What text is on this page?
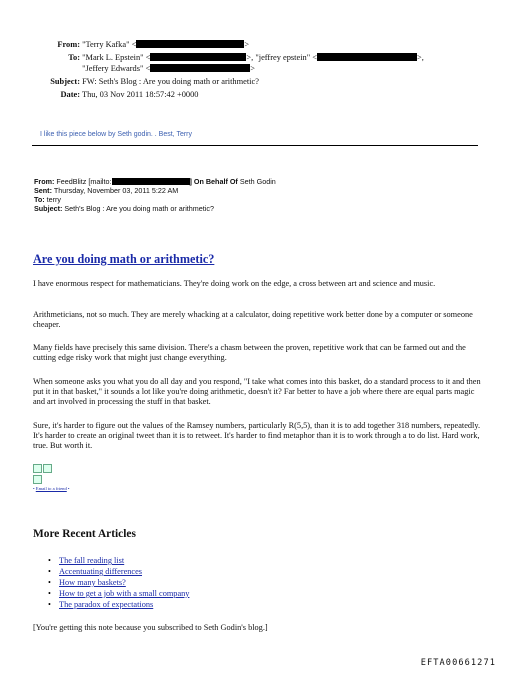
From: "Terry Kafka" <	>
To: "Mark L. Epstein" <	>, "jeffrey epstein" <	>,
"Jeffery Edwards" <	>
Subject: FW: Seth's Blog : Are you doing math or arithmetic?
Date: Thu, 03 Nov 2011 18:57:42 +0000
I like this piece below by Seth godin. . Best, Terry
From: FeedBlitz [mailto:	] On Behalf Of Seth Godin
Sent: Thursday, November 03, 2011 5:22 AM
To: terry
Subject: Seth's Blog : Are you doing math or arithmetic?
Are you doing math or arithmetic?

I have enormous respect for mathematicians. They're doing work on the edge, a cross between art and science and music.

Arithmeticians, not so much. They are merely whacking at a calculator, doing repetitive work better done by a computer or someone cheaper.

Many fields have precisely this same division. There's a chasm between the proven, repetitive work that can be farmed out and the cutting edge risky work that might just change everything.

When someone asks you what you do all day and you respond, "I take what comes into this basket, do a standard process to it and then put it in that basket," it sounds a lot like you're doing arithmetic, doesn't it? Far better to have a job where there are equal parts magic and art involved in processing the stuff in that basket.

Sure, it's harder to figure out the values of the Ramsey numbers, particularly R(5,5), than it is to add together 318 numbers, repeatedly. It's harder to create an original tweet than it is to retweet. It's harder to find metaphor than it is to work through a to do list. Hard work, true. But worth it.

• Email to a friend •
More Recent Articles
• The fall reading list
• Accentuating differences
• How many baskets?
• How to get a job with a small company
• The paradox of expectations
[You're getting this note because you subscribed to Seth Godin's blog.]
EFTA00661271
